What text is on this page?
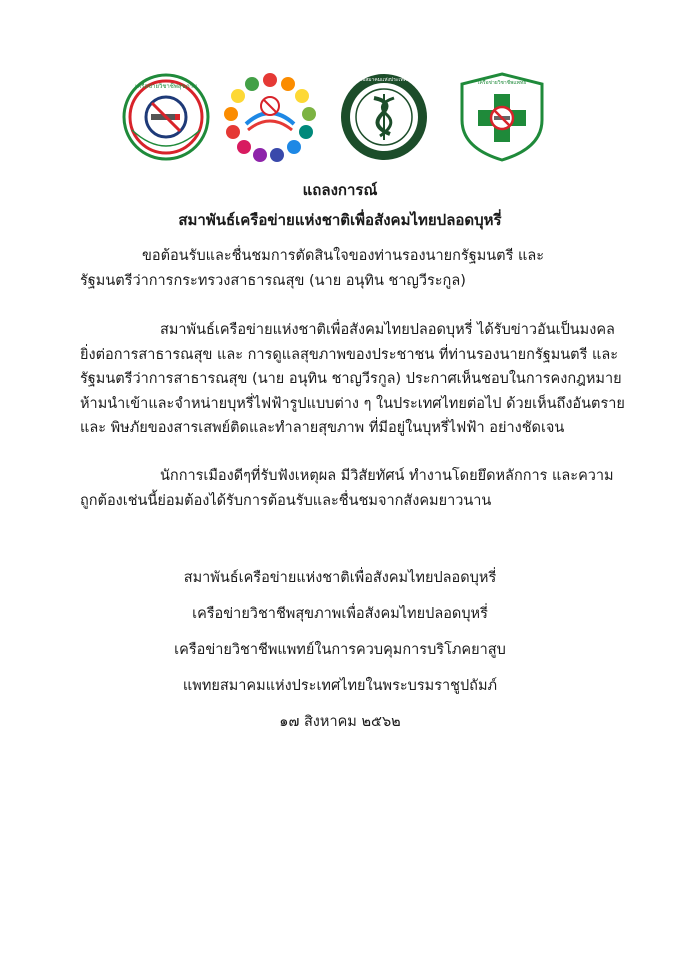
เครือข่ายวิชาชีพสุขภาพ
แพทยสมาคมแห่งประเทศไทย	เครือข่ายวิชาชีพแพทย์
แถลงการณ์
สมาพันธ์เครือข่ายแห่งชาติเพื่อสังคมไทยปลอดบุหรี่
ขอต้อนรับและชื่นชมการตัดสินใจของท่านรองนายกรัฐมนตรี และ
รัฐมนตรีว่าการกระทรวงสาธารณสุข (นาย อนุทิน ชาญวีระกูล)
สมาพันธ์เครือข่ายแห่งชาติเพื่อสังคมไทยปลอดบุหรี่ ได้รับข่าวอันเป็นมงคล
ยิ่งต่อการสาธารณสุข และ การดูแลสุขภาพของประชาชน ที่ท่านรองนายกรัฐมนตรี และ
รัฐมนตรีว่าการสาธารณสุข (นาย อนุทิน ชาญวีรกูล) ประกาศเห็นชอบในการคงกฎหมาย
ห้ามนำเข้าและจำหน่ายบุหรี่ไฟฟ้ารูปแบบต่าง ๆ ในประเทศไทยต่อไป ด้วยเห็นถึงอันตราย
และ พิษภัยของสารเสพย์ติดและทำลายสุขภาพ ที่มีอยู่ในบุหรี่ไฟฟ้า อย่างชัดเจน
นักการเมืองดีๆที่รับฟังเหตุผล มีวิสัยทัศน์ ทำงานโดยยึดหลักการ และความ
ถูกต้องเช่นนี้ย่อมต้องได้รับการต้อนรับและชื่นชมจากสังคมยาวนาน
สมาพันธ์เครือข่ายแห่งชาติเพื่อสังคมไทยปลอดบุหรี่
เครือข่ายวิชาชีพสุขภาพเพื่อสังคมไทยปลอดบุหรี่
เครือข่ายวิชาชีพแพทย์ในการควบคุมการบริโภคยาสูบ
แพทยสมาคมแห่งประเทศไทยในพระบรมราชูปถัมภ์
๑๗ สิงหาคม ๒๕๖๒
